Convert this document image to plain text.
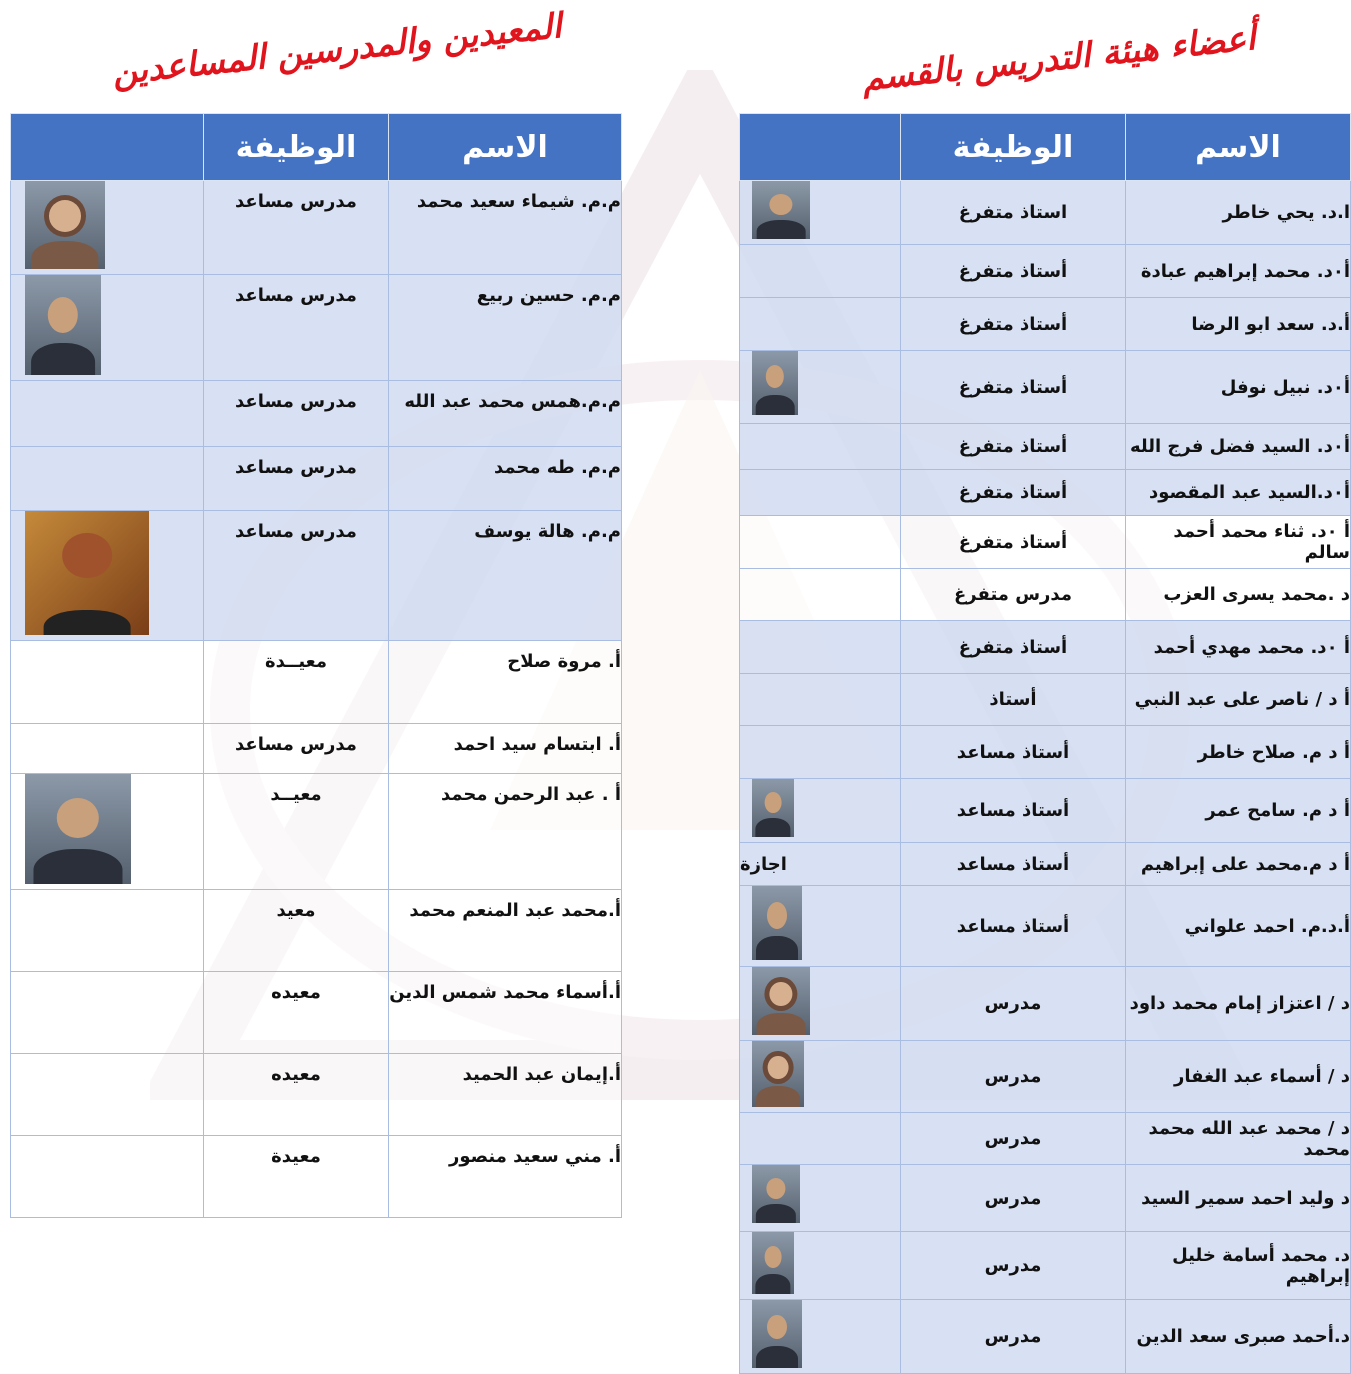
أعضاء هيئة التدريس بالقسم
المعيدين والمدرسين المساعدين
الاسم	الوظيفة	
ا.د. يحي خاطر	استاذ متفرغ	

أ٠د. محمد إبراهيم عبادة	أستاذ متفرغ	
أ.د. سعد ابو الرضا	أستاذ متفرغ	
أ٠د. نبيل نوفل	أستاذ متفرغ	

أ٠د. السيد فضل فرج الله	أستاذ متفرغ	
أ٠د.السيد عبد المقصود	أستاذ متفرغ	
أ ٠د. ثناء محمد أحمد سالم	أستاذ متفرغ	
د .محمد يسرى العزب	مدرس متفرغ	
أ ٠د. محمد مهدي أحمد	أستاذ متفرغ	
أ د / ناصر على عبد النبي	أستاذ	
أ د م. صلاح خاطر	أستاذ مساعد	
أ د م. سامح عمر	أستاذ مساعد	

أ د م.محمد على إبراهيم	أستاذ مساعد	اجازة
أ.د.م. احمد علواني	أستاذ مساعد	

د / اعتزاز إمام محمد داود	مدرس	

د / أسماء عبد الغفار	مدرس	

د / محمد عبد الله محمد محمد	مدرس	
د وليد احمد سمير السيد	مدرس	

د. محمد أسامة خليل إبراهيم	مدرس	

د.أحمد صبرى سعد الدين	مدرس	
الاسم	الوظيفة	
م.م. شيماء سعيد محمد	مدرس مساعد	

م.م. حسين ربيع	مدرس مساعد	

م.م.همس محمد عبد الله	مدرس مساعد	
م.م. طه محمد	مدرس مساعد	
م.م. هالة يوسف	مدرس مساعد	

أ. مروة صلاح	معيــدة	
أ. ابتسام سيد احمد	مدرس مساعد	
أ . عبد الرحمن محمد	معيــد	

أ.محمد عبد المنعم محمد	معيد	
أ.أسماء محمد شمس الدين	معيده	
أ.إيمان عبد الحميد	معيده	
أ. مني سعيد منصور	معيدة	
